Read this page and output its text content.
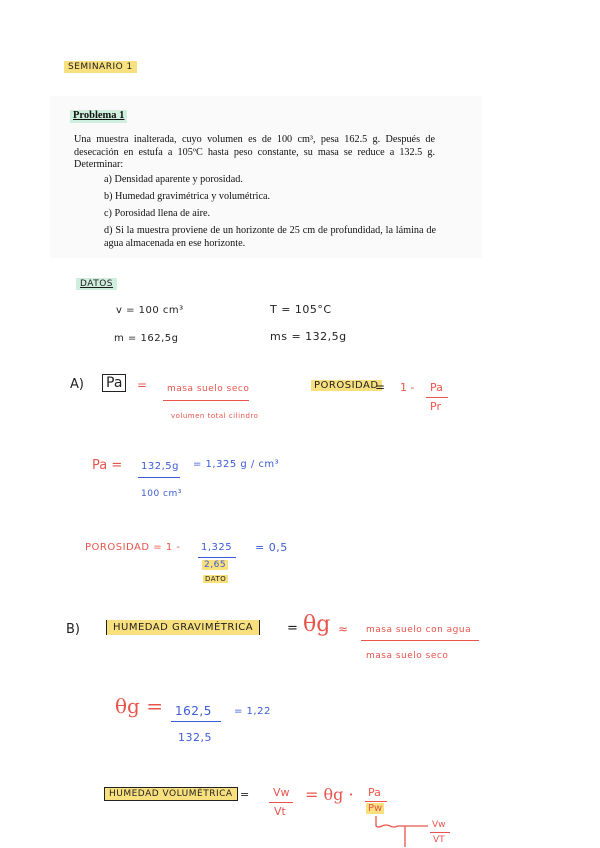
SEMINARIO 1
Problema 1
Una muestra inalterada, cuyo volumen es de 100 cm³, pesa 162.5 g. Después de desecación en estufa a 105ºC hasta peso constante, su masa se reduce a 132.5 g. Determinar:
a) Densidad aparente y porosidad.
b) Humedad gravimétrica y volumétrica.
c) Porosidad llena de aire.
d) Si la muestra proviene de un horizonte de 25 cm de profundidad, la lámina de agua almacenada en ese horizonte.
DATOS
v = 100 cm³	T = 105°C
m = 162,5g	ms = 132,5g
A) Pa	= masa suelo seco
volumen total cilindro
POROSIDAD
= 1 - Pa
Pr
Pa = 132,5g
100 cm³
= 1,325 g / cm³
POROSIDAD = 1 - 1,325
2,65
DATO
= 0,5
B)	HUMEDAD GRAVIMÉTRICA	= θg ≈ masa suelo con agua
masa suelo seco
θg = 162,5
132,5
= 1,22
HUMEDAD VOLUMÉTRICA = Vw
Vt
= θg · Pa
Pw
Vw
VT
